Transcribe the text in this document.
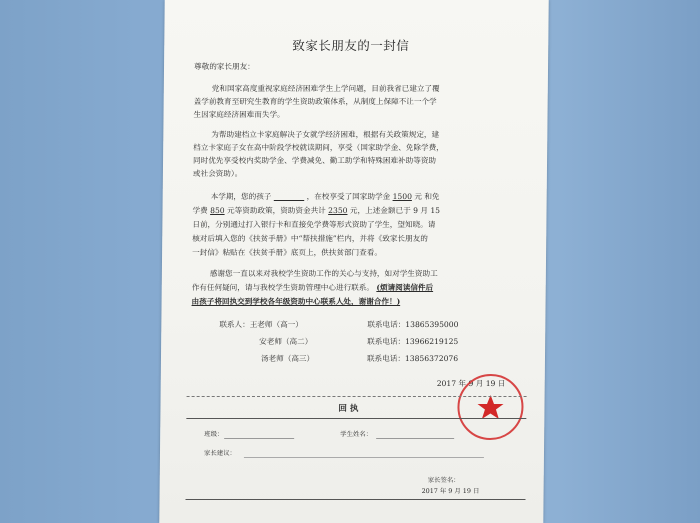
致家长朋友的一封信
尊敬的家长朋友：
党和国家高度重视家庭经济困难学生上学问题，目前我省已建立了覆
盖学前教育至研究生教育的学生资助政策体系，从制度上保障不让一个学
生因家庭经济困难而失学。
为帮助建档立卡家庭解决子女就学经济困难，根据有关政策规定，建
档立卡家庭子女在高中阶段学校就读期间，享受（国家助学金、免除学费，
同时优先享受校内奖助学金、学费减免、勤工助学和特殊困难补助等资助
或社会资助）。
本学期，您的孩子 ________ ，在校享受了国家助学金 1500 元 和免
学费 850 元等资助政策，资助资金共计 2350 元，上述金额已于 9 月 15
日前，分别通过打入银行卡和直接免学费等形式资助了学生，望知晓。请
核对后填入您的《扶贫手册》中“帮扶措施”栏内，并将《致家长朋友的
一封信》粘贴在《扶贫手册》底页上，供扶贫部门查看。
感谢您一直以来对我校学生资助工作的关心与支持，如对学生资助工
作有任何疑问，请与我校学生资助管理中心进行联系。 (烦请阅读信件后
由孩子将回执交到学校各年级资助中心联系人处，谢谢合作！)
联系人：王老师（高一）	联系电话：13865395000
安老师（高二）	联系电话：13966219125
汤老师（高三）	联系电话：13856372076
2017 年 9 月 19 日
回 执
班级：	学生姓名：
家长建议：
家长签名：
2017 年 9 月 19 日
